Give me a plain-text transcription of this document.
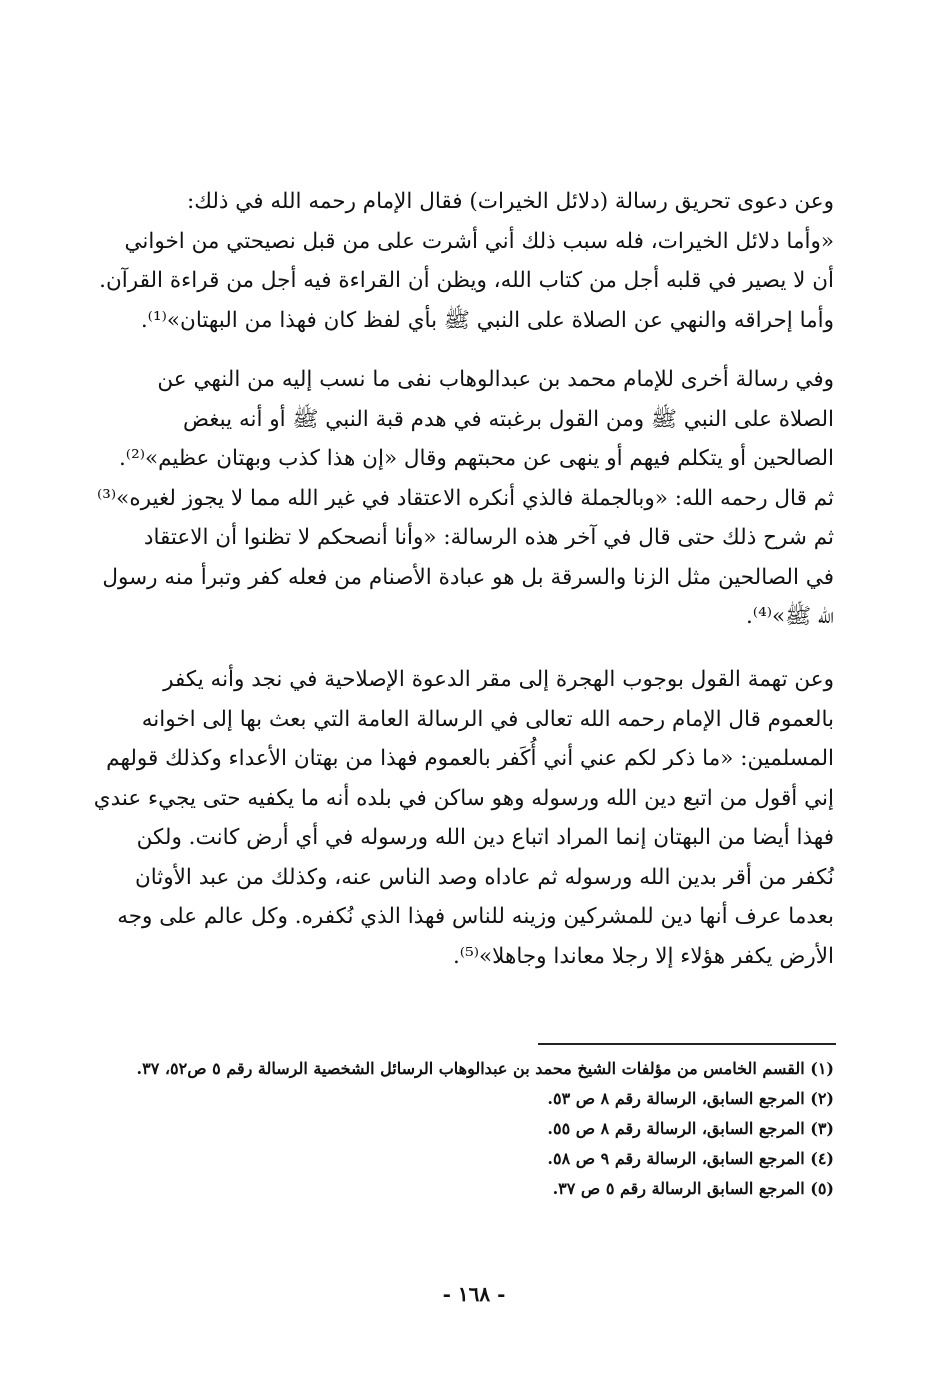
وعن دعوى تحريق رسالة (دلائل الخيرات) فقال الإمام رحمه الله في ذلك:
«وأما دلائل الخيرات، فله سبب ذلك أني أشرت على من قبل نصيحتي من اخواني
أن لا يصير في قلبه أجل من كتاب الله، ويظن أن القراءة فيه أجل من قراءة القرآن.
وأما إحراقه والنهي عن الصلاة على النبي ﷺ بأي لفظ كان فهذا من البهتان»⁽¹⁾.
وفي رسالة أخرى للإمام محمد بن عبدالوهاب نفى ما نسب إليه من النهي عن
الصلاة على النبي ﷺ ومن القول برغبته في هدم قبة النبي ﷺ أو أنه يبغض
الصالحين أو يتكلم فيهم أو ينهى عن محبتهم وقال «إن هذا كذب وبهتان عظيم»⁽²⁾.
ثم قال رحمه الله: «وبالجملة فالذي أنكره الاعتقاد في غير الله مما لا يجوز لغيره»⁽³⁾
ثم شرح ذلك حتى قال في آخر هذه الرسالة: «وأنا أنصحكم لا تظنوا أن الاعتقاد
في الصالحين مثل الزنا والسرقة بل هو عبادة الأصنام من فعله كفر وتبرأ منه رسول
الله ﷺ»⁽⁴⁾.
وعن تهمة القول بوجوب الهجرة إلى مقر الدعوة الإصلاحية في نجد وأنه يكفر
بالعموم قال الإمام رحمه الله تعالى في الرسالة العامة التي بعث بها إلى اخوانه
المسلمين: «ما ذكر لكم عني أني أُكَفر بالعموم فهذا من بهتان الأعداء وكذلك قولهم
إني أقول من اتبع دين الله ورسوله وهو ساكن في بلده أنه ما يكفيه حتى يجيء عندي
فهذا أيضا من البهتان إنما المراد اتباع دين الله ورسوله في أي أرض كانت. ولكن
نُكفر من أقر بدين الله ورسوله ثم عاداه وصد الناس عنه، وكذلك من عبد الأوثان
بعدما عرف أنها دين للمشركين وزينه للناس فهذا الذي نُكفره. وكل عالم على وجه
الأرض يكفر هؤلاء إلا رجلا معاندا وجاهلا»⁽⁵⁾.
(١) القسم الخامس من مؤلفات الشيخ محمد بن عبدالوهاب الرسائل الشخصية الرسالة رقم ٥ ص٥٢، ٣٧.
(٢) المرجع السابق، الرسالة رقم ٨ ص ٥٣.
(٣) المرجع السابق، الرسالة رقم ٨ ص ٥٥.
(٤) المرجع السابق، الرسالة رقم ٩ ص ٥٨.
(٥) المرجع السابق الرسالة رقم ٥ ص ٣٧.
- ١٦٨ -
